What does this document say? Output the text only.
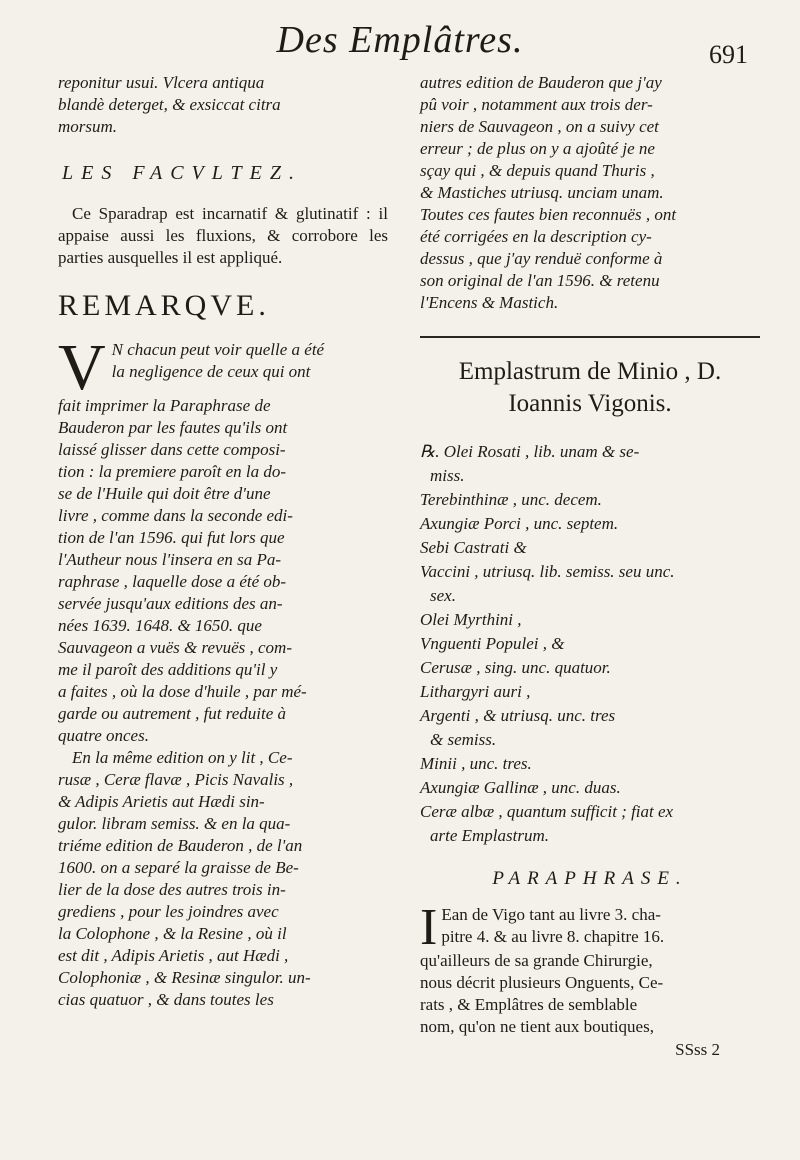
Des Emplâtres.	691

reponitur usui. Vlcera antiqua

blandè deterget, & exsiccat citra

morsum.

LES FACVLTEZ.

Ce Sparadrap est incarnatif & glutinatif : il appaise aussi les fluxions, & corrobore les parties ausquelles il est appliqué.

REMARQVE.
V N chacun peut voir quelle a été

la negligence de ceux qui ont

fait imprimer la Paraphrase de

Bauderon par les fautes qu'ils ont

laissé glisser dans cette composi-

tion : la premiere paroît en la do-

se de l'Huile qui doit être d'une

livre , comme dans la seconde edi-

tion de l'an 1596. qui fut lors que

l'Autheur nous l'insera en sa Pa-

raphrase , laquelle dose a été ob-

servée jusqu'aux editions des an-

nées 1639. 1648. & 1650. que

Sauvageon a vuës & revuës , com-

me il paroît des additions qu'il y

a faites , où la dose d'huile , par mé-

garde ou autrement , fut reduite à

quatre onces.

En la même edition on y lit , Ce-

rusæ , Ceræ flavæ , Picis Navalis ,

& Adipis Arietis aut Hædi sin-

gulor. libram semiss. & en la qua-

triéme edition de Bauderon , de l'an

1600. on a separé la graisse de Be-

lier de la dose des autres trois in-

grediens , pour les joindres avec

la Colophone , & la Resine , où il

est dit , Adipis Arietis , aut Hædi ,

Colophoniæ , & Resinæ singulor. un-

cias quatuor , & dans toutes les

autres edition de Bauderon que j'ay

pû voir , notamment aux trois der-

niers de Sauvageon , on a suivy cet

erreur ; de plus on y a ajoûté je ne

sçay qui , & depuis quand Thuris ,

& Mastiches utriusq. unciam unam.

Toutes ces fautes bien reconnuës , ont

été corrigées en la description cy-

dessus , que j'ay renduë conforme à

son original de l'an 1596. & retenu

l'Encens & Mastich.

Emplastrum de Minio , D.
Ioannis Vigonis.

℞. Olei Rosati , lib. unam & se-

miss.

Terebinthinæ , unc. decem.

Axungiæ Porci , unc. septem.

Sebi Castrati &

Vaccini , utriusq. lib. semiss. seu unc.

sex.

Olei Myrthini ,

Vnguenti Populei , &

Cerusæ , sing. unc. quatuor.

Lithargyri auri ,

Argenti , & utriusq. unc. tres

& semiss.

Minii , unc. tres.

Axungiæ Gallinæ , unc. duas.

Ceræ albæ , quantum sufficit ; fiat ex

arte Emplastrum.

PARAPHRASE.
I Ean de Vigo tant au livre 3. cha-

pitre 4. & au livre 8. chapitre 16.

qu'ailleurs de sa grande Chirurgie,

nous décrit plusieurs Onguents, Ce-

rats , & Emplâtres de semblable

nom, qu'on ne tient aux boutiques,

SSss 2
